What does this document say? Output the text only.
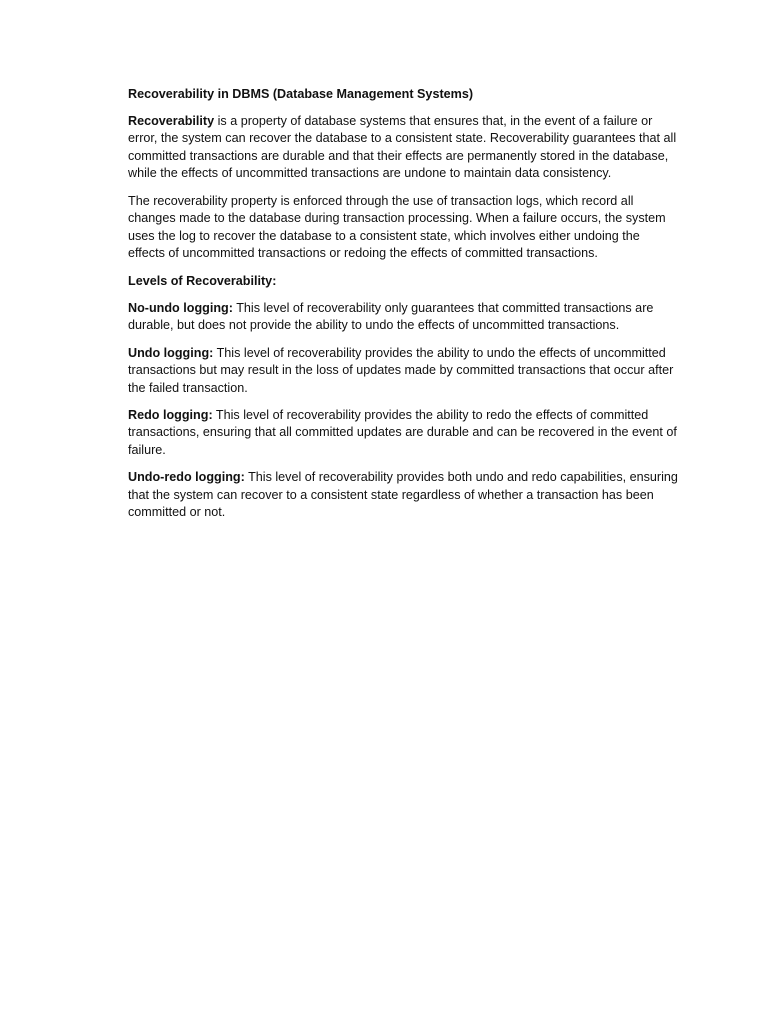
Recoverability in DBMS (Database Management Systems)

Recoverability is a property of database systems that ensures that, in the event of a failure or error, the system can recover the database to a consistent state. Recoverability guarantees that all committed transactions are durable and that their effects are permanently stored in the database, while the effects of uncommitted transactions are undone to maintain data consistency.

The recoverability property is enforced through the use of transaction logs, which record all changes made to the database during transaction processing. When a failure occurs, the system uses the log to recover the database to a consistent state, which involves either undoing the effects of uncommitted transactions or redoing the effects of committed transactions.

Levels of Recoverability:

No-undo logging: This level of recoverability only guarantees that committed transactions are durable, but does not provide the ability to undo the effects of uncommitted transactions.

Undo logging: This level of recoverability provides the ability to undo the effects of uncommitted transactions but may result in the loss of updates made by committed transactions that occur after the failed transaction.

Redo logging: This level of recoverability provides the ability to redo the effects of committed transactions, ensuring that all committed updates are durable and can be recovered in the event of failure.

Undo-redo logging: This level of recoverability provides both undo and redo capabilities, ensuring that the system can recover to a consistent state regardless of whether a transaction has been committed or not.
